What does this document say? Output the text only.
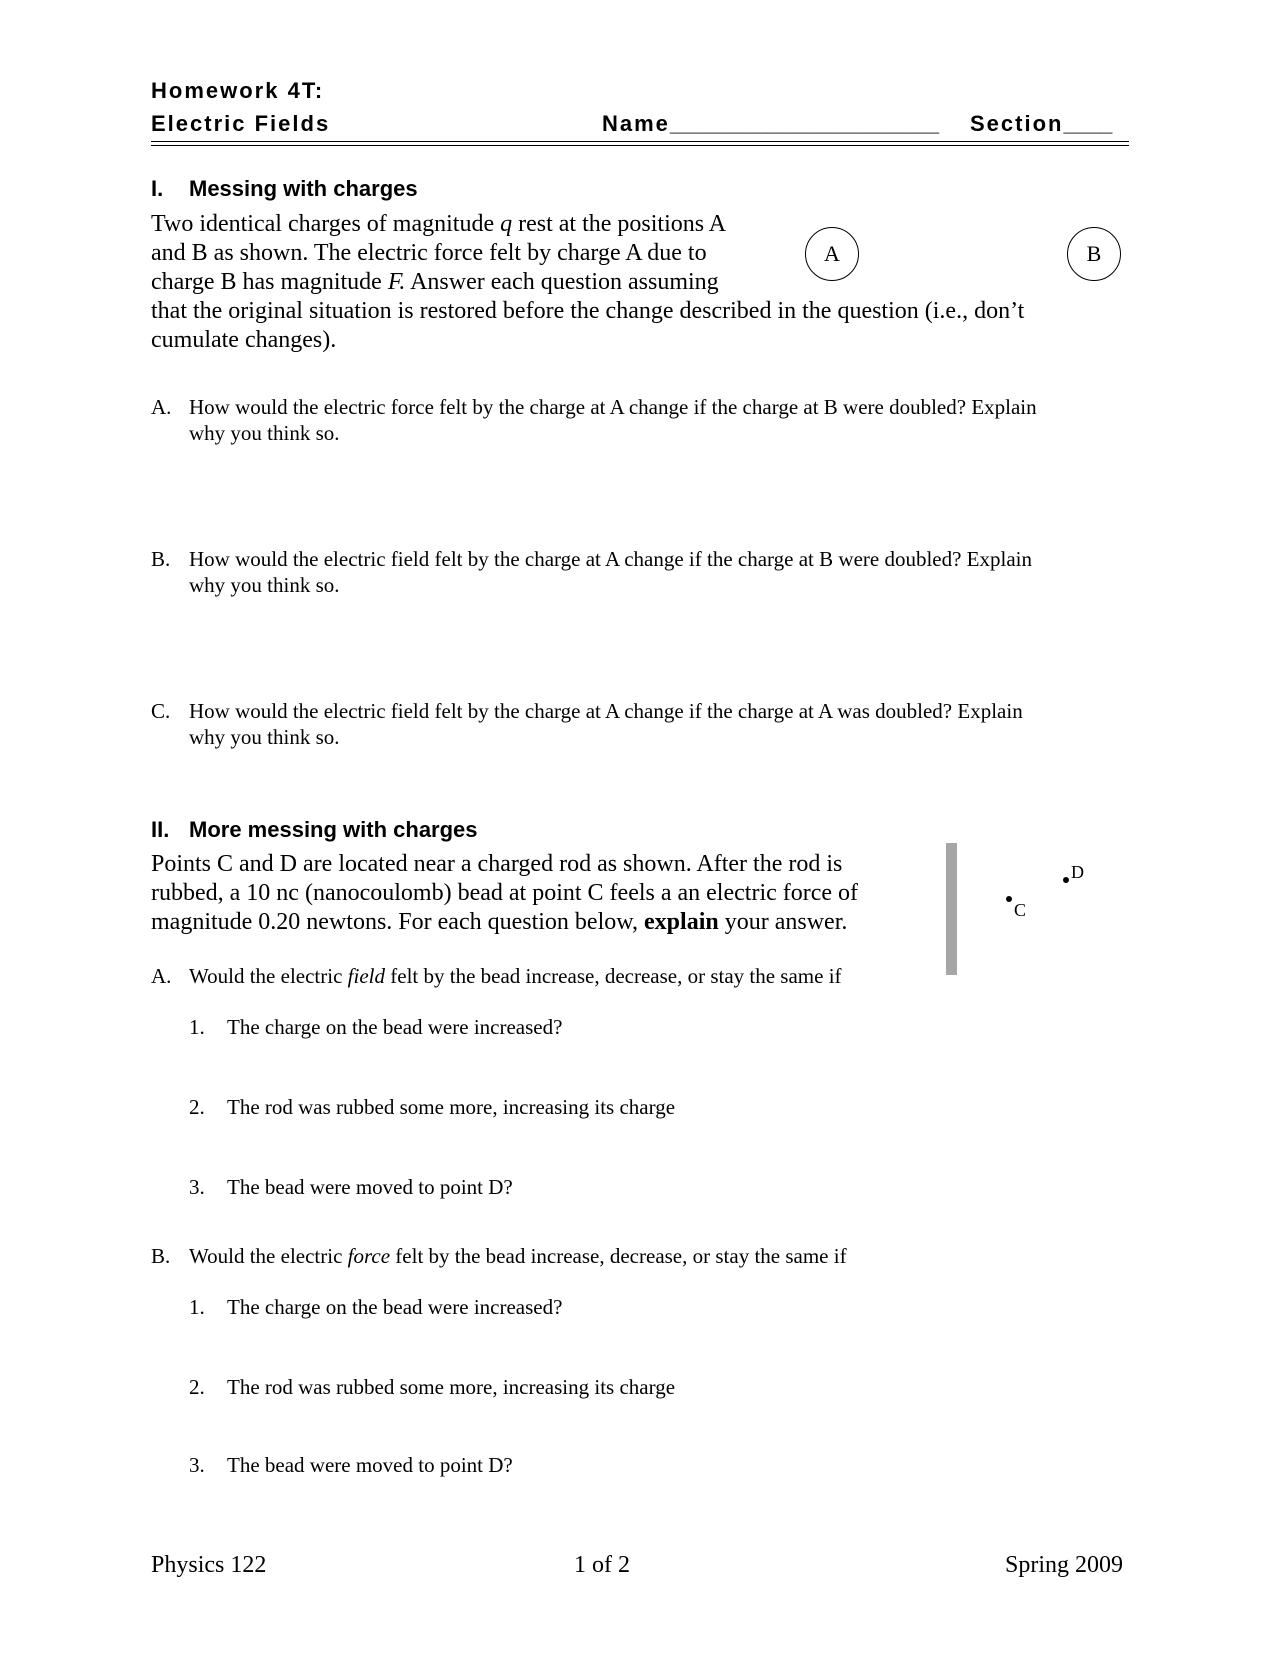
Homework 4T:
Electric Fields	Name______________________ Section____
I. Messing with charges
Two identical charges of magnitude q rest at the positions A
and B as shown. The electric force felt by charge A due to
charge B has magnitude F. Answer each question assuming
that the original situation is restored before the change described in the question (i.e., don’t
cumulate changes).
A	B
A. How would the electric force felt by the charge at A change if the charge at B were doubled? Explain
why you think so.
B. How would the electric field felt by the charge at A change if the charge at B were doubled? Explain
why you think so.
C. How would the electric field felt by the charge at A change if the charge at A was doubled? Explain
why you think so.
II. More messing with charges
Points C and D are located near a charged rod as shown. After the rod is
rubbed, a 10 nc (nanocoulomb) bead at point C feels a an electric force of
magnitude 0.20 newtons. For each question below, explain your answer.	C
D
A. Would the electric field felt by the bead increase, decrease, or stay the same if
1. The charge on the bead were increased?
2. The rod was rubbed some more, increasing its charge
3. The bead were moved to point D?
B. Would the electric force felt by the bead increase, decrease, or stay the same if
1. The charge on the bead were increased?
2. The rod was rubbed some more, increasing its charge
3. The bead were moved to point D?
Physics 122	1 of 2	Spring 2009
